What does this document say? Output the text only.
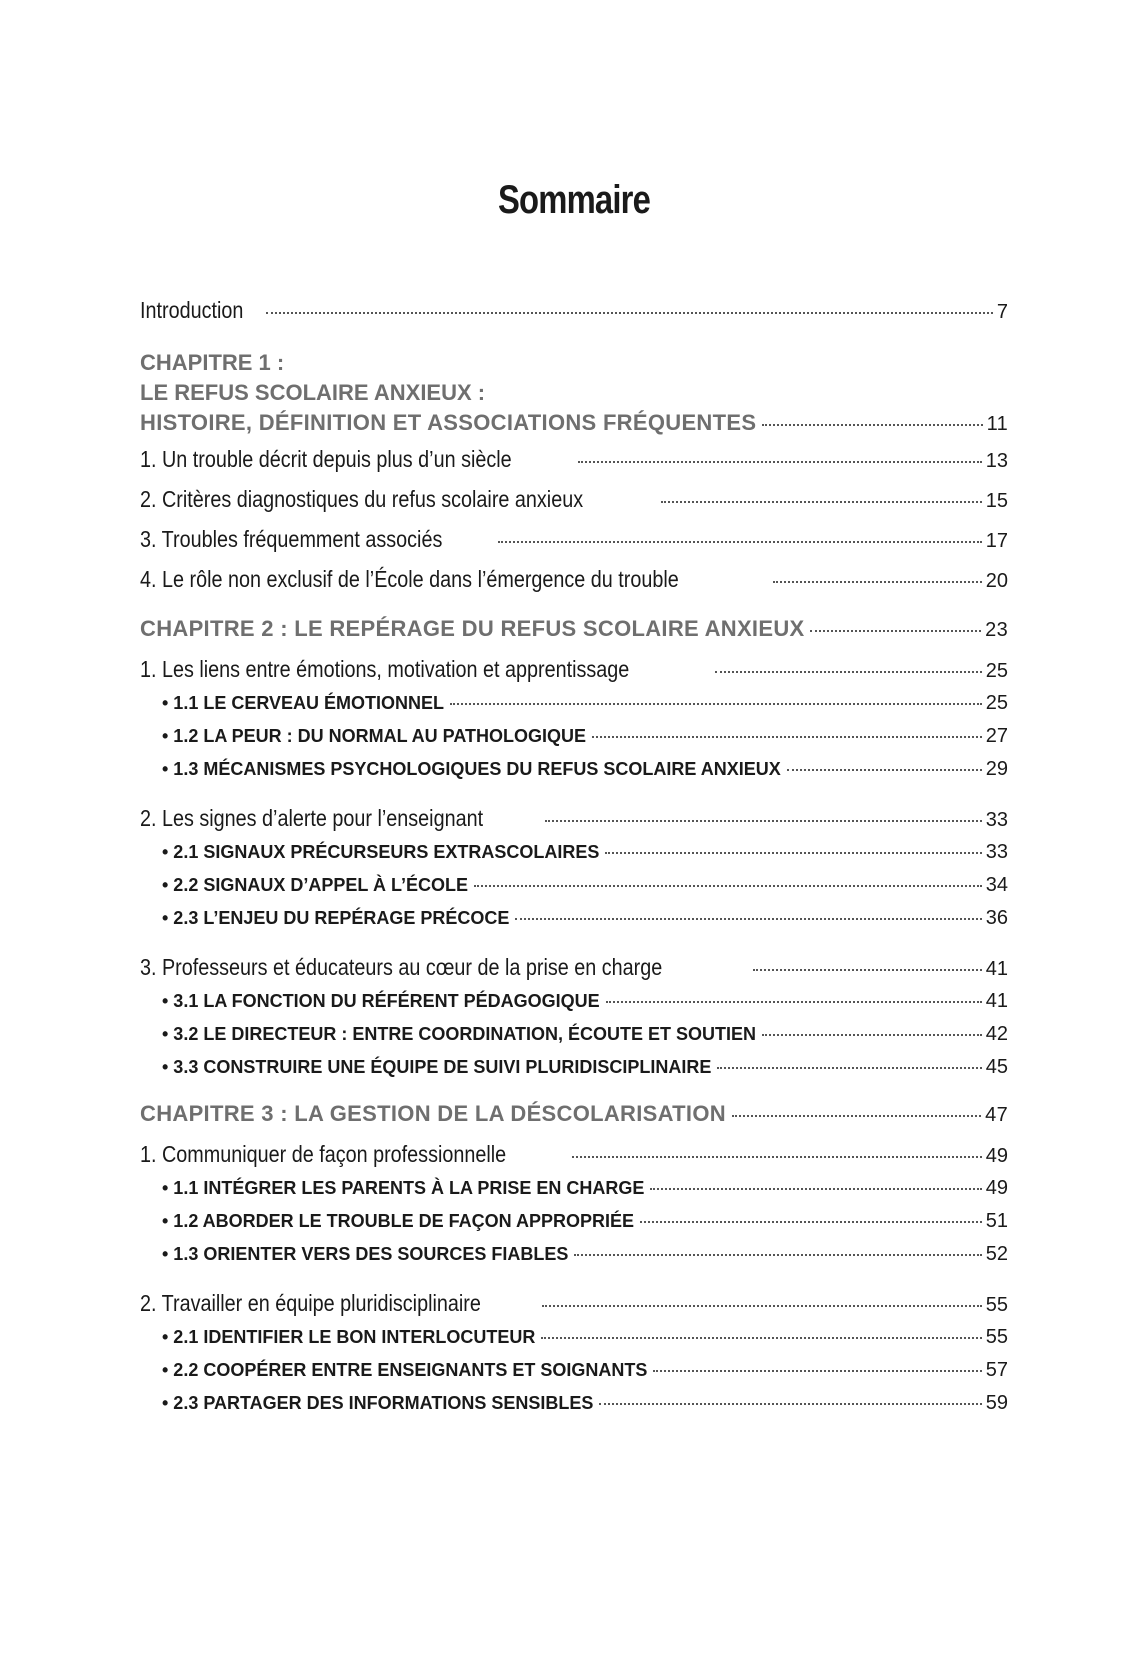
Sommaire
Introduction	7
CHAPITRE 1 :
LE REFUS SCOLAIRE ANXIEUX :
HISTOIRE, DÉFINITION ET ASSOCIATIONS FRÉQUENTES	11
1. Un trouble décrit depuis plus d’un siècle	13
2. Critères diagnostiques du refus scolaire anxieux	15
3. Troubles fréquemment associés	17
4. Le rôle non exclusif de l’École dans l’émergence du trouble	20
CHAPITRE 2 : LE REPÉRAGE DU REFUS SCOLAIRE ANXIEUX	23
1. Les liens entre émotions, motivation et apprentissage	25
• 1.1 LE CERVEAU ÉMOTIONNEL	25
• 1.2 LA PEUR : DU NORMAL AU PATHOLOGIQUE	27
• 1.3 MÉCANISMES PSYCHOLOGIQUES DU REFUS SCOLAIRE ANXIEUX	29
2. Les signes d’alerte pour l’enseignant	33
• 2.1 SIGNAUX PRÉCURSEURS EXTRASCOLAIRES	33
• 2.2 SIGNAUX D’APPEL À L’ÉCOLE	34
• 2.3 L’ENJEU DU REPÉRAGE PRÉCOCE	36
3. Professeurs et éducateurs au cœur de la prise en charge	41
• 3.1 LA FONCTION DU RÉFÉRENT PÉDAGOGIQUE	41
• 3.2 LE DIRECTEUR : ENTRE COORDINATION, ÉCOUTE ET SOUTIEN	42
• 3.3 CONSTRUIRE UNE ÉQUIPE DE SUIVI PLURIDISCIPLINAIRE	45
CHAPITRE 3 : LA GESTION DE LA DÉSCOLARISATION	47
1. Communiquer de façon professionnelle	49
• 1.1 INTÉGRER LES PARENTS À LA PRISE EN CHARGE	49
• 1.2 ABORDER LE TROUBLE DE FAÇON APPROPRIÉE	51
• 1.3 ORIENTER VERS DES SOURCES FIABLES	52
2. Travailler en équipe pluridisciplinaire	55
• 2.1 IDENTIFIER LE BON INTERLOCUTEUR	55
• 2.2 COOPÉRER ENTRE ENSEIGNANTS ET SOIGNANTS	57
• 2.3 PARTAGER DES INFORMATIONS SENSIBLES	59
